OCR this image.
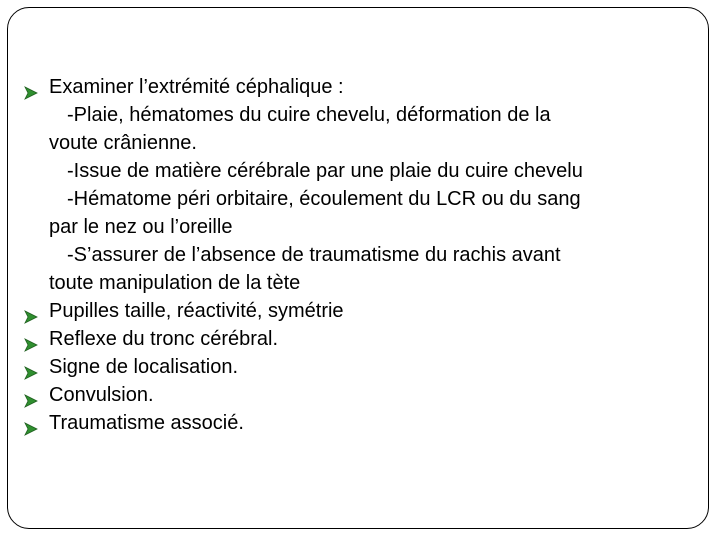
Examiner l’extrémité céphalique :
-Plaie, hématomes du cuire chevelu, déformation de la
voute crânienne.
-Issue de matière cérébrale par une plaie du cuire chevelu
-Hématome péri orbitaire, écoulement du LCR ou du sang
par le nez ou l’oreille
-S’assurer de l’absence de traumatisme du rachis avant
toute manipulation de la tète
Pupilles taille, réactivité, symétrie
Reflexe du tronc cérébral.
Signe de localisation.
Convulsion.
Traumatisme associé.
